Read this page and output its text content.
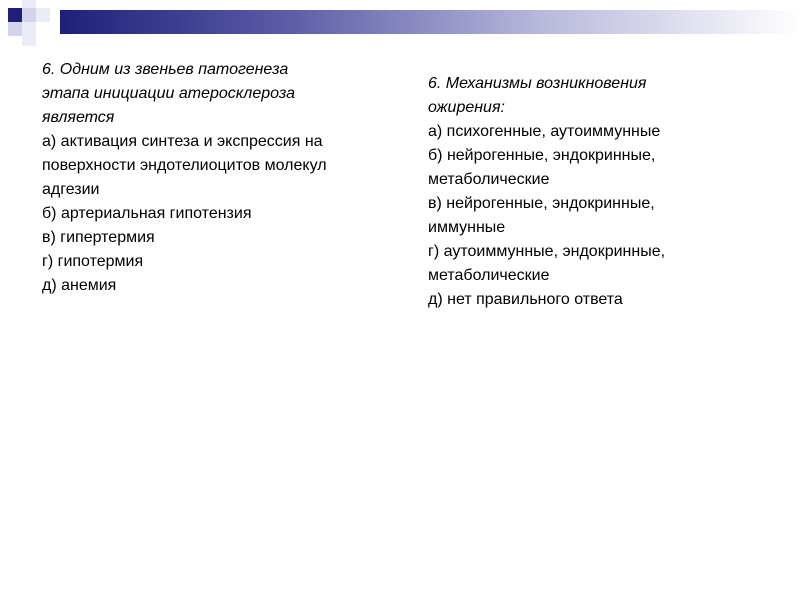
6. Одним из звеньев патогенеза
этапа инициации атеросклероза
является
а) активация синтеза и экспрессия на
поверхности эндотелиоцитов молекул
адгезии
б) артериальная гипотензия
в) гипертермия
г) гипотермия
д) анемия
6. Механизмы возникновения
ожирения:
а) психогенные, аутоиммунные
б) нейрогенные, эндокринные,
метаболические
в) нейрогенные, эндокринные,
иммунные
г) аутоиммунные, эндокринные,
метаболические
д) нет правильного ответа
